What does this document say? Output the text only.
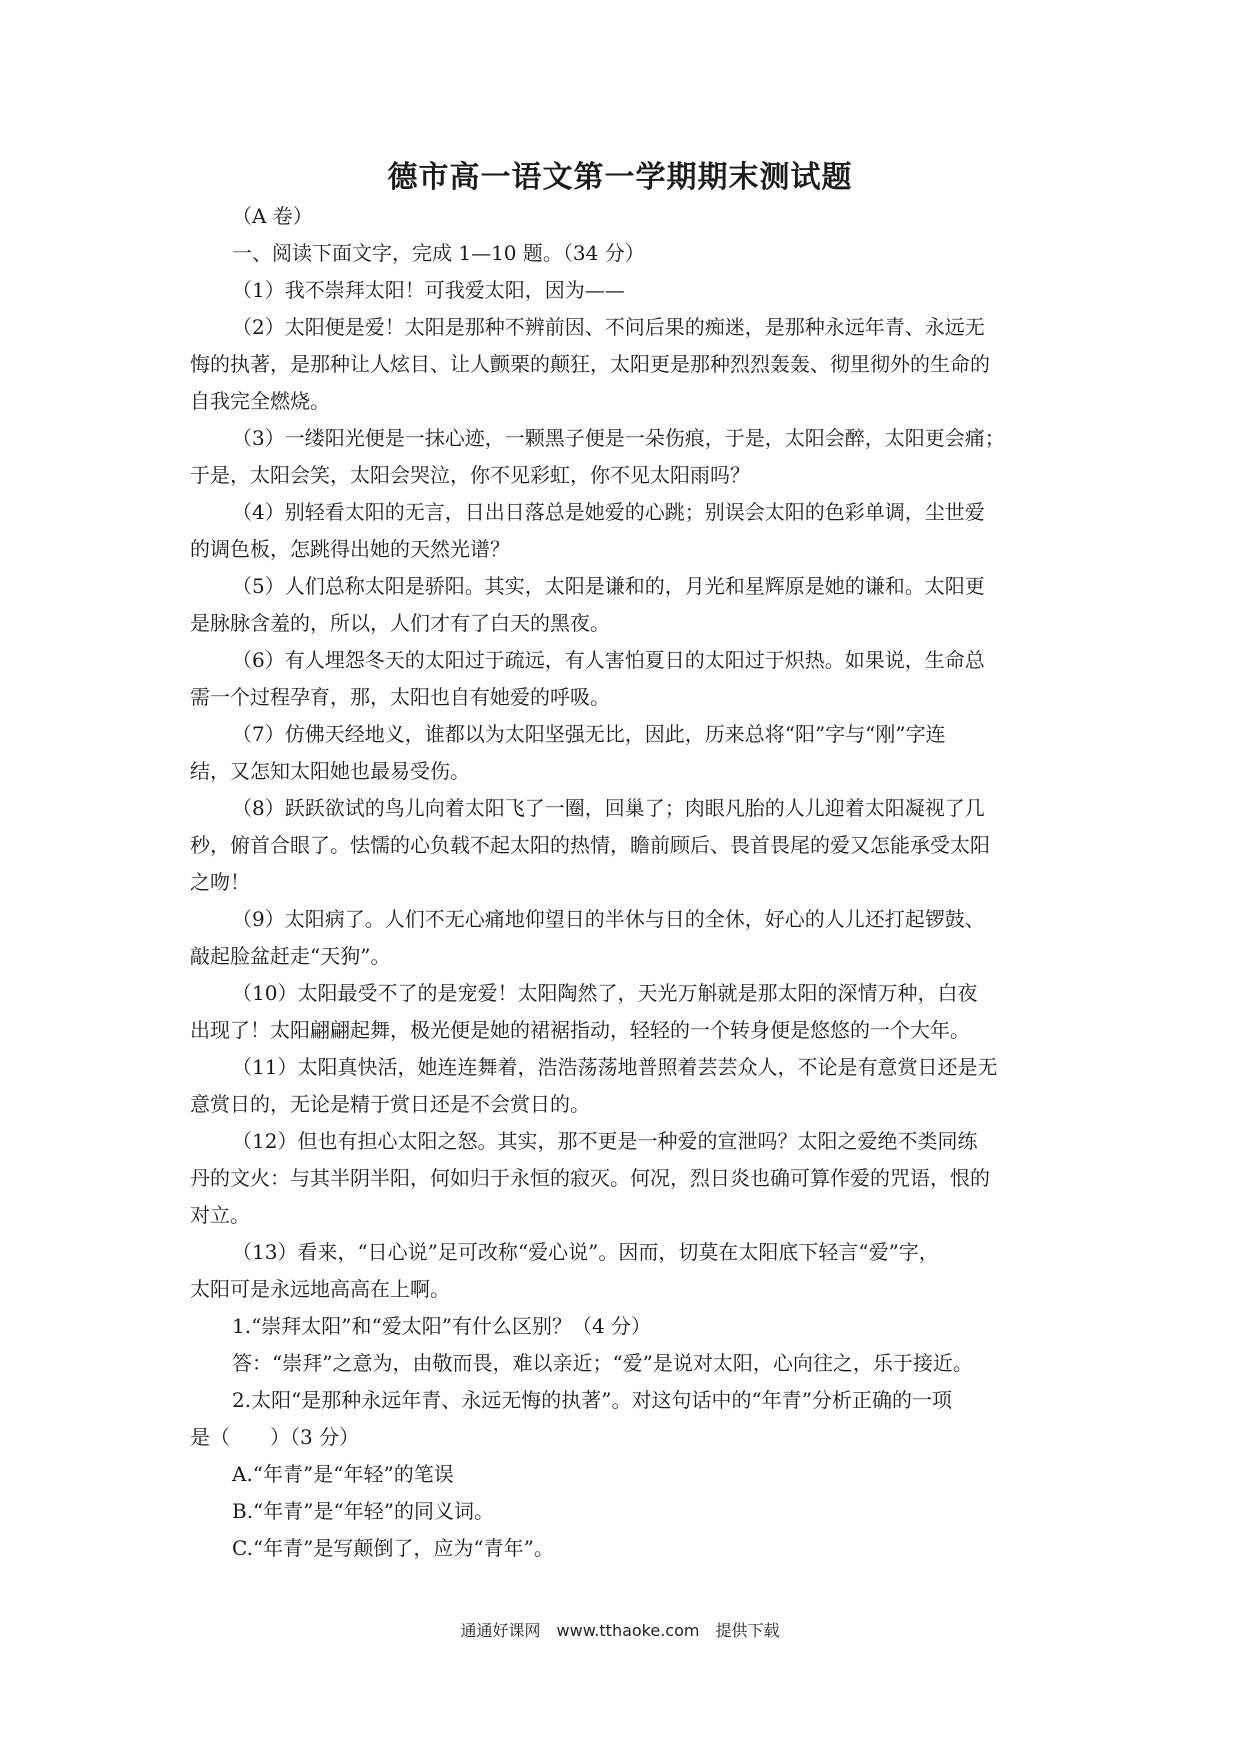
德市高一语文第一学期期末测试题
（A 卷）
一、阅读下面文字，完成 1—10 题。（34 分）
（1）我不崇拜太阳！可我爱太阳，因为——
（2）太阳便是爱！太阳是那种不辨前因、不问后果的痴迷，是那种永远年青、永远无
悔的执著，是那种让人炫目、让人颤栗的颠狂，太阳更是那种烈烈轰轰、彻里彻外的生命的
自我完全燃烧。
（3）一缕阳光便是一抹心迹，一颗黑子便是一朵伤痕，于是，太阳会醉，太阳更会痛；
于是，太阳会笑，太阳会哭泣，你不见彩虹，你不见太阳雨吗？
（4）别轻看太阳的无言，日出日落总是她爱的心跳；别误会太阳的色彩单调，尘世爱
的调色板，怎跳得出她的天然光谱？
（5）人们总称太阳是骄阳。其实，太阳是谦和的，月光和星辉原是她的谦和。太阳更
是脉脉含羞的，所以，人们才有了白天的黑夜。
（6）有人埋怨冬天的太阳过于疏远，有人害怕夏日的太阳过于炽热。如果说，生命总
需一个过程孕育，那，太阳也自有她爱的呼吸。
（7）仿佛天经地义，谁都以为太阳坚强无比，因此，历来总将“阳”字与“刚”字连
结，又怎知太阳她也最易受伤。
（8）跃跃欲试的鸟儿向着太阳飞了一圈，回巢了；肉眼凡胎的人儿迎着太阳凝视了几
秒，俯首合眼了。怯懦的心负载不起太阳的热情，瞻前顾后、畏首畏尾的爱又怎能承受太阳
之吻！
（9）太阳病了。人们不无心痛地仰望日的半休与日的全休，好心的人儿还打起锣鼓、
敲起脸盆赶走“天狗”。
（10）太阳最受不了的是宠爱！太阳陶然了，天光万斛就是那太阳的深情万种，白夜
出现了！太阳翩翩起舞，极光便是她的裙裾指动，轻轻的一个转身便是悠悠的一个大年。
（11）太阳真快活，她连连舞着，浩浩荡荡地普照着芸芸众人，不论是有意赏日还是无
意赏日的，无论是精于赏日还是不会赏日的。
（12）但也有担心太阳之怒。其实，那不更是一种爱的宣泄吗？太阳之爱绝不类同练
丹的文火：与其半阴半阳，何如归于永恒的寂灭。何况，烈日炎也确可算作爱的咒语，恨的
对立。
（13）看来，“日心说”足可改称“爱心说”。因而，切莫在太阳底下轻言“爱”字，
太阳可是永远地高高在上啊。
1.“崇拜太阳”和“爱太阳”有什么区别？（4 分）
答：“崇拜”之意为，由敬而畏，难以亲近；“爱”是说对太阳，心向往之，乐于接近。
2.太阳“是那种永远年青、永远无悔的执著”。对这句话中的“年青”分析正确的一项
是（　　）（3 分）
A.“年青”是“年轻”的笔误
B.“年青”是“年轻”的同义词。
C.“年青”是写颠倒了，应为“青年”。
通通好课网　www.tthaoke.com　提供下载
